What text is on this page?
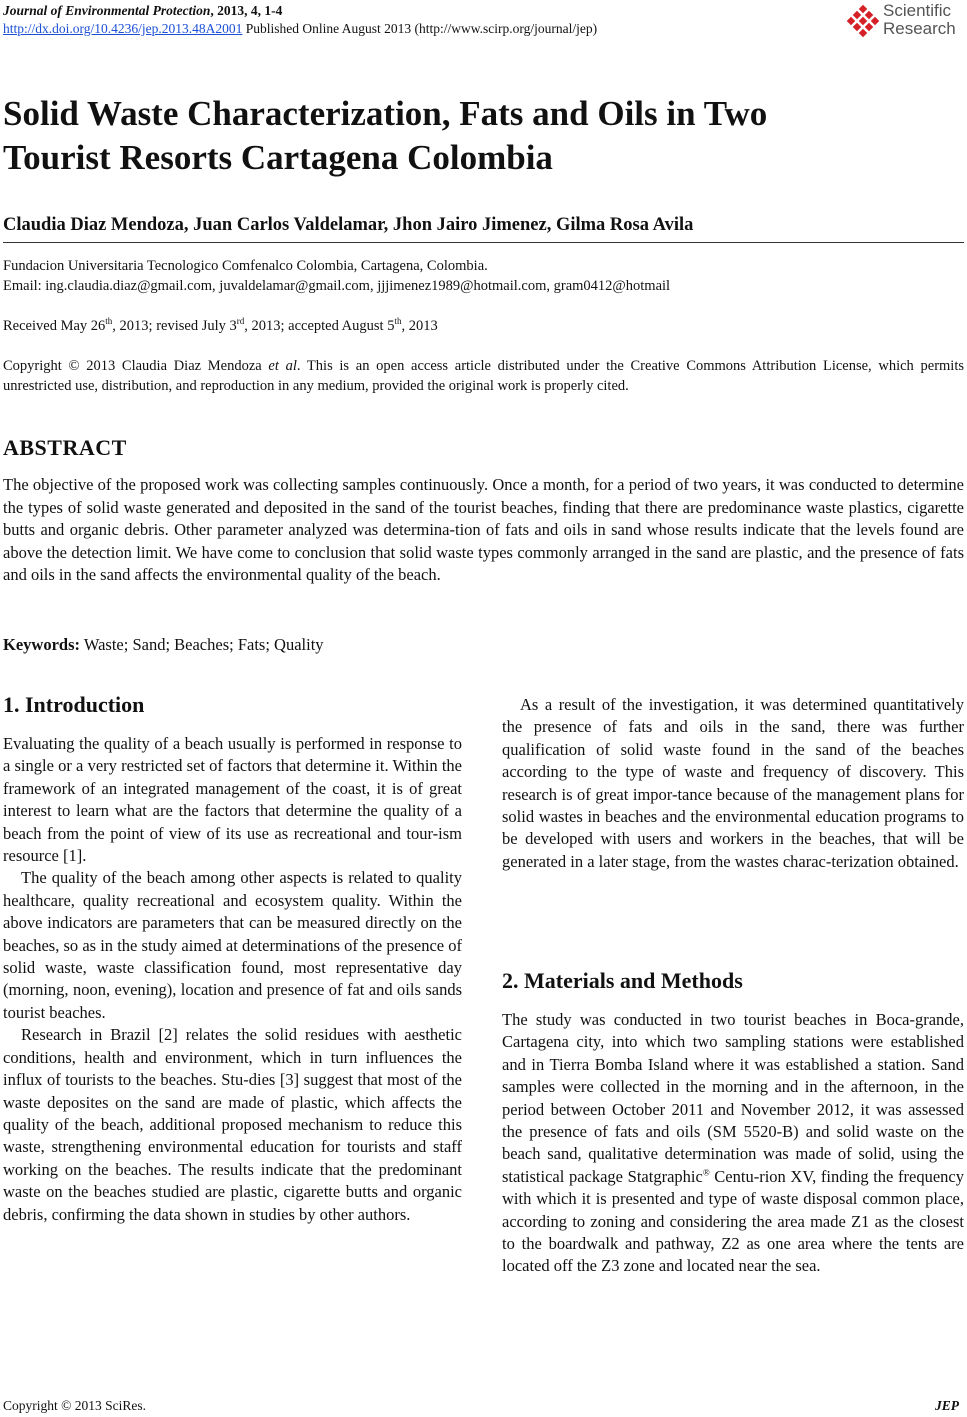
Journal of Environmental Protection, 2013, 4, 1-4
http://dx.doi.org/10.4236/jep.2013.48A2001 Published Online August 2013 (http://www.scirp.org/journal/jep)
Scientific
Research
Solid Waste Characterization, Fats and Oils in Two
Tourist Resorts Cartagena Colombia
Claudia Diaz Mendoza, Juan Carlos Valdelamar, Jhon Jairo Jimenez, Gilma Rosa Avila
Fundacion Universitaria Tecnologico Comfenalco Colombia, Cartagena, Colombia.
Email: ing.claudia.diaz@gmail.com, juvaldelamar@gmail.com, jjjimenez1989@hotmail.com, gram0412@hotmail
Received May 26th, 2013; revised July 3rd, 2013; accepted August 5th, 2013
Copyright © 2013 Claudia Diaz Mendoza et al. This is an open access article distributed under the Creative Commons Attribution License, which permits unrestricted use, distribution, and reproduction in any medium, provided the original work is properly cited.
ABSTRACT
The objective of the proposed work was collecting samples continuously. Once a month, for a period of two years, it was conducted to determine the types of solid waste generated and deposited in the sand of the tourist beaches, finding that there are predominance waste plastics, cigarette butts and organic debris. Other parameter analyzed was determina-tion of fats and oils in sand whose results indicate that the levels found are above the detection limit. We have come to conclusion that solid waste types commonly arranged in the sand are plastic, and the presence of fats and oils in the sand affects the environmental quality of the beach.
Keywords: Waste; Sand; Beaches; Fats; Quality
1. Introduction

Evaluating the quality of a beach usually is performed in response to a single or a very restricted set of factors that determine it. Within the framework of an integrated management of the coast, it is of great interest to learn what are the factors that determine the quality of a beach from the point of view of its use as recreational and tour-ism resource [1].

The quality of the beach among other aspects is related to quality healthcare, quality recreational and ecosystem quality. Within the above indicators are parameters that can be measured directly on the beaches, so as in the study aimed at determinations of the presence of solid waste, waste classification found, most representative day (morning, noon, evening), location and presence of fat and oils sands tourist beaches.

Research in Brazil [2] relates the solid residues with aesthetic conditions, health and environment, which in turn influences the influx of tourists to the beaches. Stu-dies [3] suggest that most of the waste deposites on the sand are made of plastic, which affects the quality of the beach, additional proposed mechanism to reduce this waste, strengthening environmental education for tourists and staff working on the beaches. The results indicate that the predominant waste on the beaches studied are plastic, cigarette butts and organic debris, confirming the data shown in studies by other authors.

As a result of the investigation, it was determined quantitatively the presence of fats and oils in the sand, there was further qualification of solid waste found in the sand of the beaches according to the type of waste and frequency of discovery. This research is of great impor-tance because of the management plans for solid wastes in beaches and the environmental education programs to be developed with users and workers in the beaches, that will be generated in a later stage, from the wastes charac-terization obtained.

2. Materials and Methods

The study was conducted in two tourist beaches in Boca-grande, Cartagena city, into which two sampling stations were established and in Tierra Bomba Island where it was established a station. Sand samples were collected in the morning and in the afternoon, in the period between October 2011 and November 2012, it was assessed the presence of fats and oils (SM 5520-B) and solid waste on the beach sand, qualitative determination was made of solid, using the statistical package Statgraphic® Centu-rion XV, finding the frequency with which it is presented and type of waste disposal common place, according to zoning and considering the area made Z1 as the closest to the boardwalk and pathway, Z2 as one area where the tents are located off the Z3 zone and located near the sea.

Copyright © 2013 SciRes.	JEP
